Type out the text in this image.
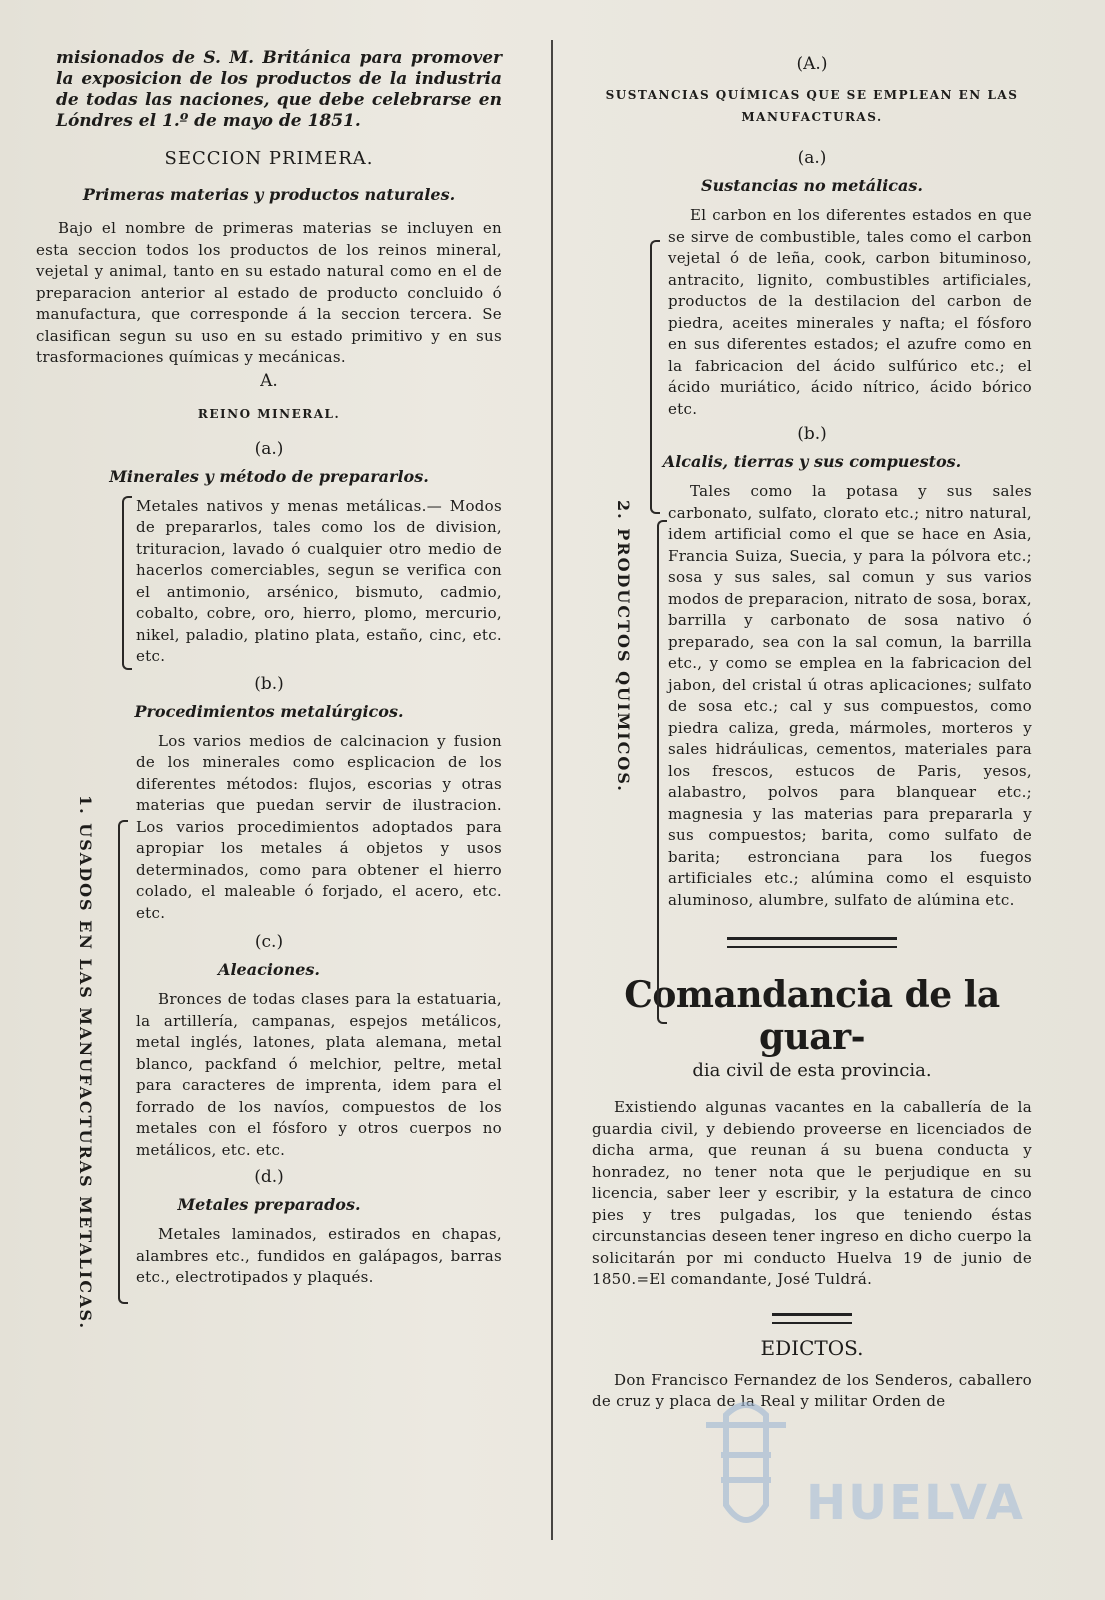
misionados de S. M. Británica para promover la exposicion de los productos de la industria de todas las naciones, que debe celebrarse en Lóndres el 1.º de mayo de 1851.
SECCION PRIMERA.
Primeras materias y productos naturales.
Bajo el nombre de primeras materias se incluyen en esta seccion todos los productos de los reinos mineral, vejetal y animal, tanto en su estado natural como en el de preparacion anterior al estado de producto concluido ó manufactura, que corresponde á la seccion tercera. Se clasifican segun su uso en su estado primitivo y en sus trasformaciones químicas y mecánicas.
A.
REINO MINERAL.
(a.)
Minerales y método de prepararlos.
Metales nativos y menas metálicas.— Modos de prepararlos, tales como los de division, trituracion, lavado ó cualquier otro medio de hacerlos comerciables, segun se verifica con el antimonio, arsénico, bismuto, cadmio, cobalto, cobre, oro, hierro, plomo, mercurio, nikel, paladio, platino plata, estaño, cinc, etc. etc.
(b.)
Procedimientos metalúrgicos.
Los varios medios de calcinacion y fusion de los minerales como esplicacion de los diferentes métodos: flujos, escorias y otras materias que puedan servir de ilustracion. Los varios procedimientos adoptados para apropiar los metales á objetos y usos determinados, como para obtener el hierro colado, el maleable ó forjado, el acero, etc. etc.
(c.)
Aleaciones.
Bronces de todas clases para la estatuaria, la artillería, campanas, espejos metálicos, metal inglés, latones, plata alemana, metal blanco, packfand ó melchior, peltre, metal para caracteres de imprenta, idem para el forrado de los navíos, compuestos de los metales con el fósforo y otros cuerpos no metálicos, etc. etc.
(d.)
Metales preparados.
Metales laminados, estirados en chapas, alambres etc., fundidos en galápagos, barras etc., electrotipados y plaqués.
1. USADOS EN LAS MANUFACTURAS METALICAS.
(A.)
SUSTANCIAS QUÍMICAS QUE SE EMPLEAN EN LAS MANUFACTURAS.
(a.)
Sustancias no metálicas.
El carbon en los diferentes estados en que se sirve de combustible, tales como el carbon vejetal ó de leña, cook, carbon bituminoso, antracito, lignito, combustibles artificiales, productos de la destilacion del carbon de piedra, aceites minerales y nafta; el fósforo en sus diferentes estados; el azufre como en la fabricacion del ácido sulfúrico etc.; el ácido muriático, ácido nítrico, ácido bórico etc.
(b.)
Alcalis, tierras y sus compuestos.
Tales como la potasa y sus sales carbonato, sulfato, clorato etc.; nitro natural, idem artificial como el que se hace en Asia, Francia Suiza, Suecia, y para la pólvora etc.; sosa y sus sales, sal comun y sus varios modos de preparacion, nitrato de sosa, borax, barrilla y carbonato de sosa nativo ó preparado, sea con la sal comun, la barrilla etc., y como se emplea en la fabricacion del jabon, del cristal ú otras aplicaciones; sulfato de sosa etc.; cal y sus compuestos, como piedra caliza, greda, mármoles, morteros y sales hidráulicas, cementos, materiales para los frescos, estucos de Paris, yesos, alabastro, polvos para blanquear etc.; magnesia y las materias para prepararla y sus compuestos; barita, como sulfato de barita; estronciana para los fuegos artificiales etc.; alúmina como el esquisto aluminoso, alumbre, sulfato de alúmina etc.
Comandancia de la guar-
dia civil de esta provincia.
Existiendo algunas vacantes en la caballería de la guardia civil, y debiendo proveerse en licenciados de dicha arma, que reunan á su buena conducta y honradez, no tener nota que le perjudique en su licencia, saber leer y escribir, y la estatura de cinco pies y tres pulgadas, los que teniendo éstas circunstancias deseen tener ingreso en dicho cuerpo la solicitarán por mi conducto Huelva 19 de junio de 1850.=El comandante, José Tuldrá.
EDICTOS.
Don Francisco Fernandez de los Senderos, caballero de cruz y placa de la Real y militar Orden de
2. PRODUCTOS QUIMICOS.
HUELVA
